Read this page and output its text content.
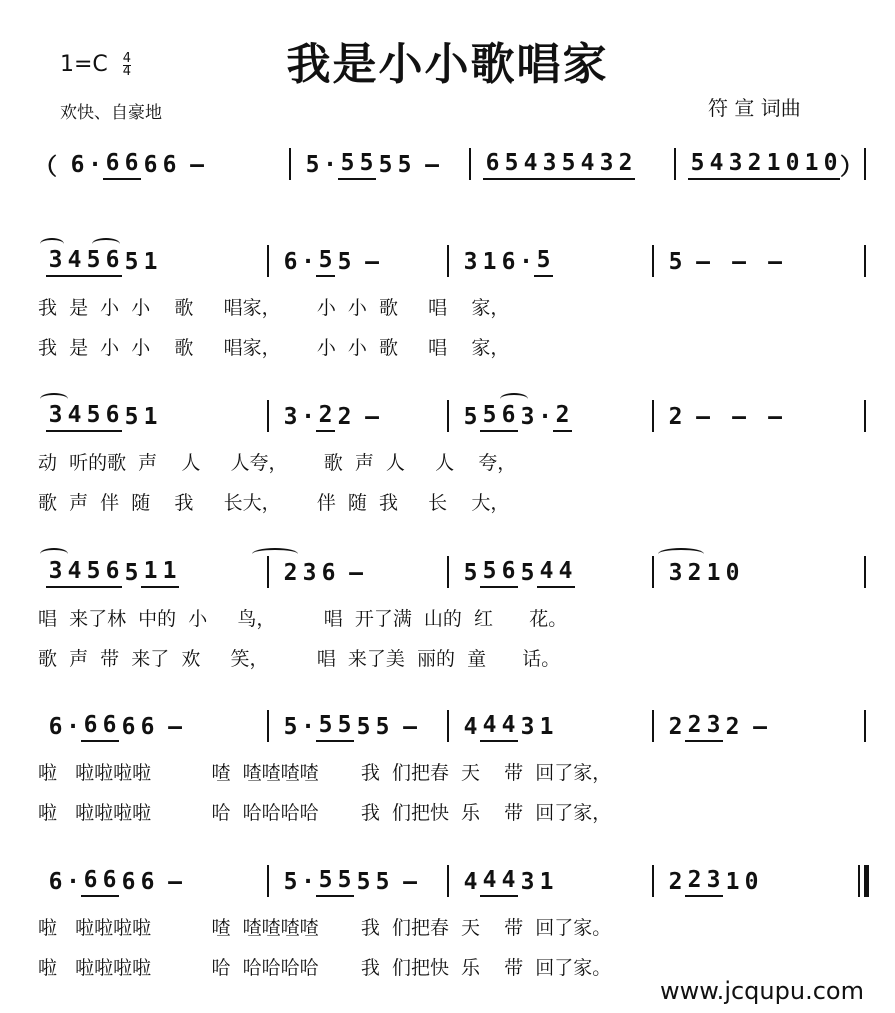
我是小小歌唱家
$1=C \frac{4}{4}$
欢快、自豪地	符 宣 词曲
6 · 6 6 6 6 –	5 · 5 5 5 5 –	6 5 4 3 5 4 3 2	5 4 3 2 1 0 1 0
（	）
3 4 5 6 5 1	6 · 5 5 –	3 1 6 · 5	5 – – –
我  是  小  小    歌     唱家，      小  小  歌     唱    家，
我  是  小  小    歌     唱家，      小  小  歌     唱    家，
3 4 5 6 5 1	3 · 2 2 –	5 5 6 3 · 2	2 – – –
动  听的歌  声    人     人夸，      歌  声  人     人    夸，
歌  声  伴  随    我     长大，      伴  随  我     长    大，
3 4 5 6 5 1 1	2 3 6 –	5 5 6 5 4 4	3 2 1 0
唱  来了林  中的  小     鸟，        唱  开了满  山的  红      花。
歌  声  带  来了  欢     笑，        唱  来了美  丽的  童      话。
6 · 6 6 6 6 –	5 · 5 5 5 5 –	4 4 4 3 1	2 2 3 2 –
啦   啦啦啦啦          喳  喳喳喳喳       我  们把春  天    带  回了家，
啦   啦啦啦啦          哈  哈哈哈哈       我  们把快  乐    带  回了家，
6 · 6 6 6 6 –	5 · 5 5 5 5 –	4 4 4 3 1	2 2 3 1 0
啦   啦啦啦啦          喳  喳喳喳喳       我  们把春  天    带  回了家。
啦   啦啦啦啦          哈  哈哈哈哈       我  们把快  乐    带  回了家。
www.jcqupu.com
